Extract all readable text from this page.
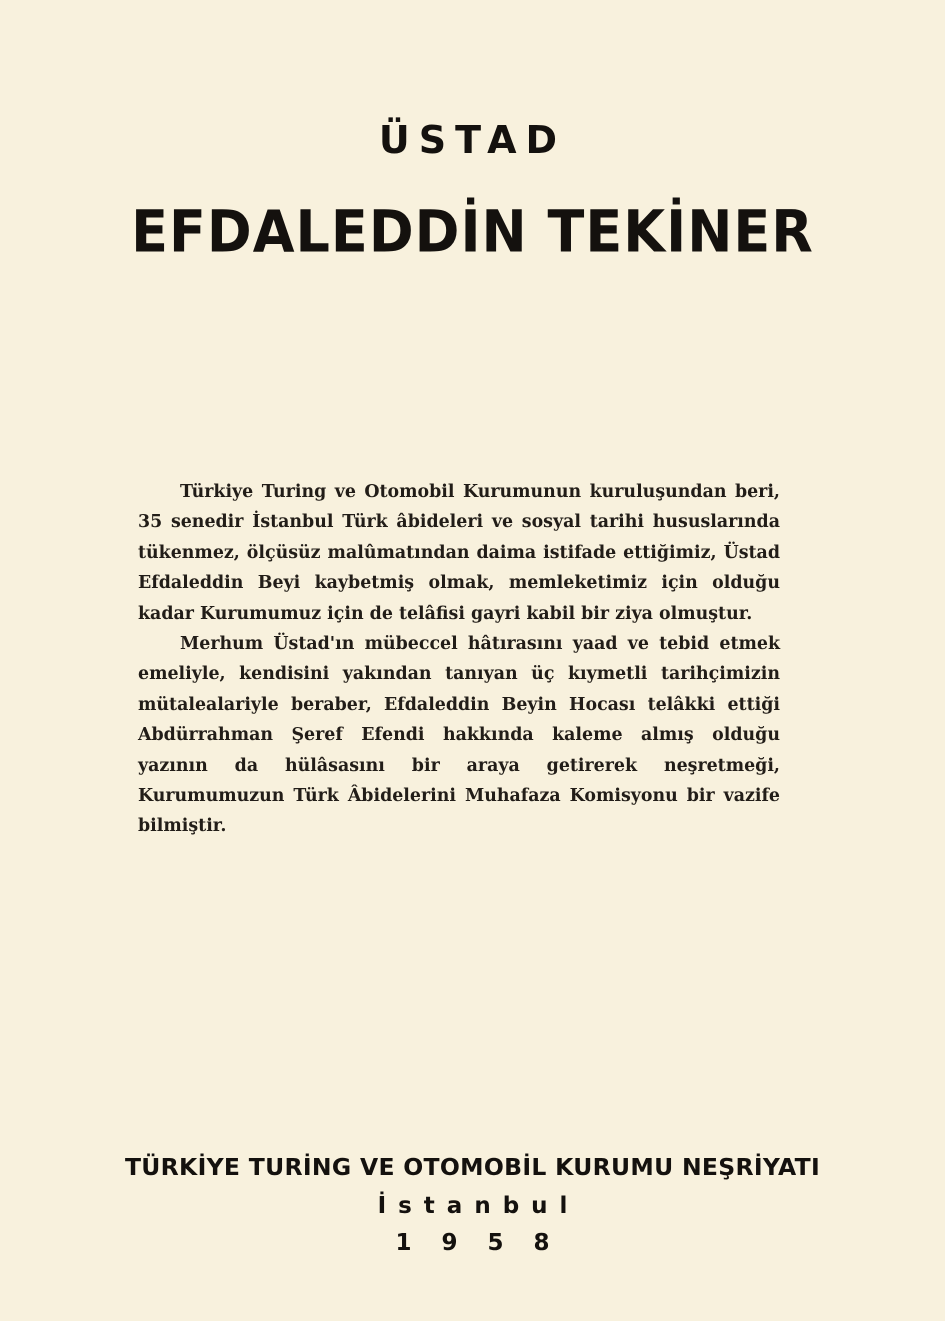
ÜSTAD
EFDALEDDİN TEKİNER

Türkiye Turing ve Otomobil Kurumunun kuruluşundan beri, 35 senedir İstanbul Türk âbideleri ve sosyal tarihi hususlarında tükenmez, ölçüsüz malûmatından daima istifade ettiğimiz, Üstad Efdaleddin Beyi kaybetmiş olmak, memleketimiz için olduğu kadar Kurumumuz için de telâfisi gayri kabil bir ziya olmuştur.

Merhum Üstad'ın mübeccel hâtırasını yaad ve tebid etmek emeliyle, kendisini yakından tanıyan üç kıymetli tarihçimizin mütalealariyle beraber, Efdaleddin Beyin Hocası telâkki ettiği Abdürrahman Şeref Efendi hakkında kaleme almış olduğu yazının da hülâsasını bir araya getirerek neşretmeği, Kurumumuzun Türk Âbidelerini Muhafaza Komisyonu bir vazife bilmiştir.

TÜRKİYE TURİNG VE OTOMOBİL KURUMU NEŞRİYATI
İstanbul
1958
